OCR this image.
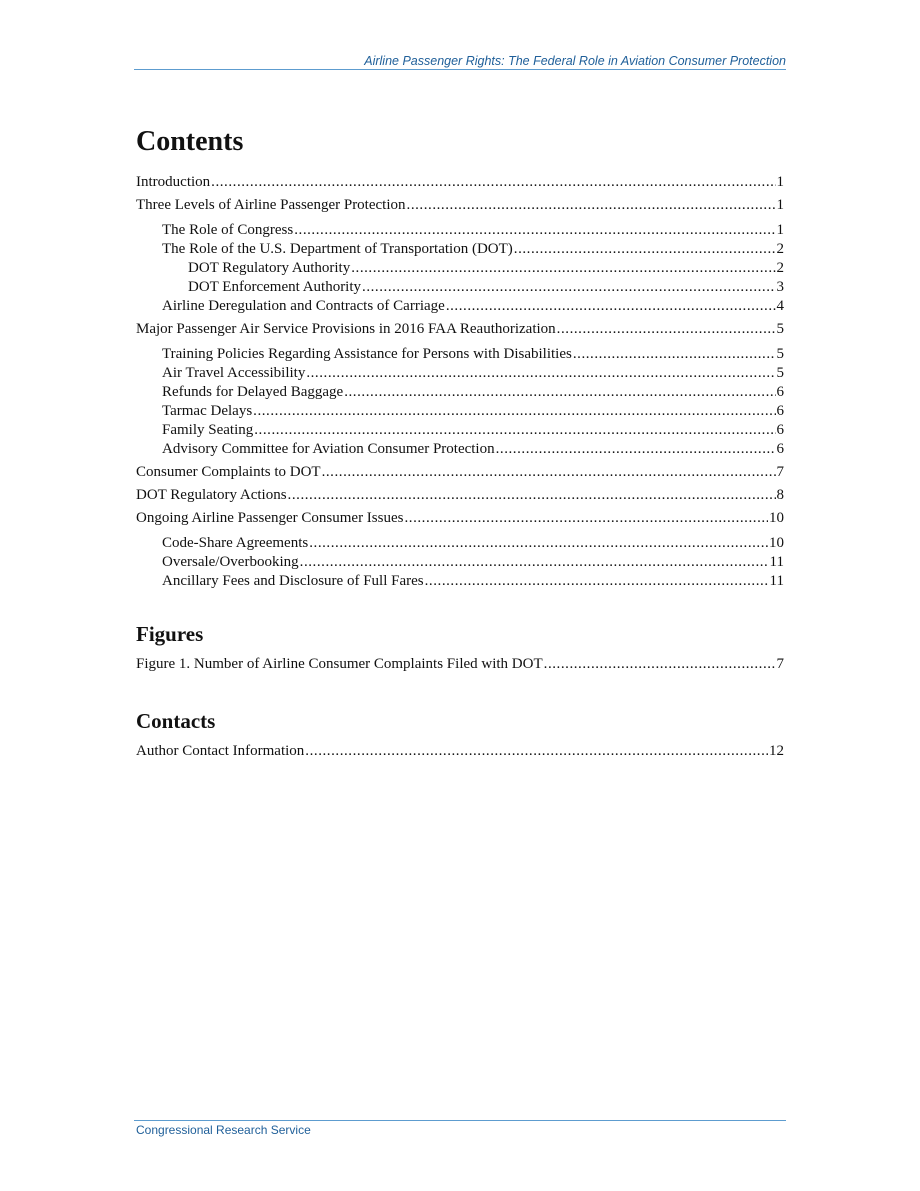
Airline Passenger Rights: The Federal Role in Aviation Consumer Protection
Contents
Introduction . . .	1
Three Levels of Airline Passenger Protection . . .	1
The Role of Congress . . .	1
The Role of the U.S. Department of Transportation (DOT) . . .	2
DOT Regulatory Authority . . .	2
DOT Enforcement Authority . . .	3
Airline Deregulation and Contracts of Carriage . . .	4
Major Passenger Air Service Provisions in 2016 FAA Reauthorization . . .	5
Training Policies Regarding Assistance for Persons with Disabilities . . .	5
Air Travel Accessibility . . .	5
Refunds for Delayed Baggage . . .	6
Tarmac Delays . . .	6
Family Seating . . .	6
Advisory Committee for Aviation Consumer Protection . . .	6
Consumer Complaints to DOT . . .	7
DOT Regulatory Actions . . .	8
Ongoing Airline Passenger Consumer Issues . . .	10
Code-Share Agreements . . .	10
Oversale/Overbooking . . .	11
Ancillary Fees and Disclosure of Full Fares . . .	11
Figures
Figure 1. Number of Airline Consumer Complaints Filed with DOT . . .	7
Contacts
Author Contact Information . . .	12
Congressional Research Service
